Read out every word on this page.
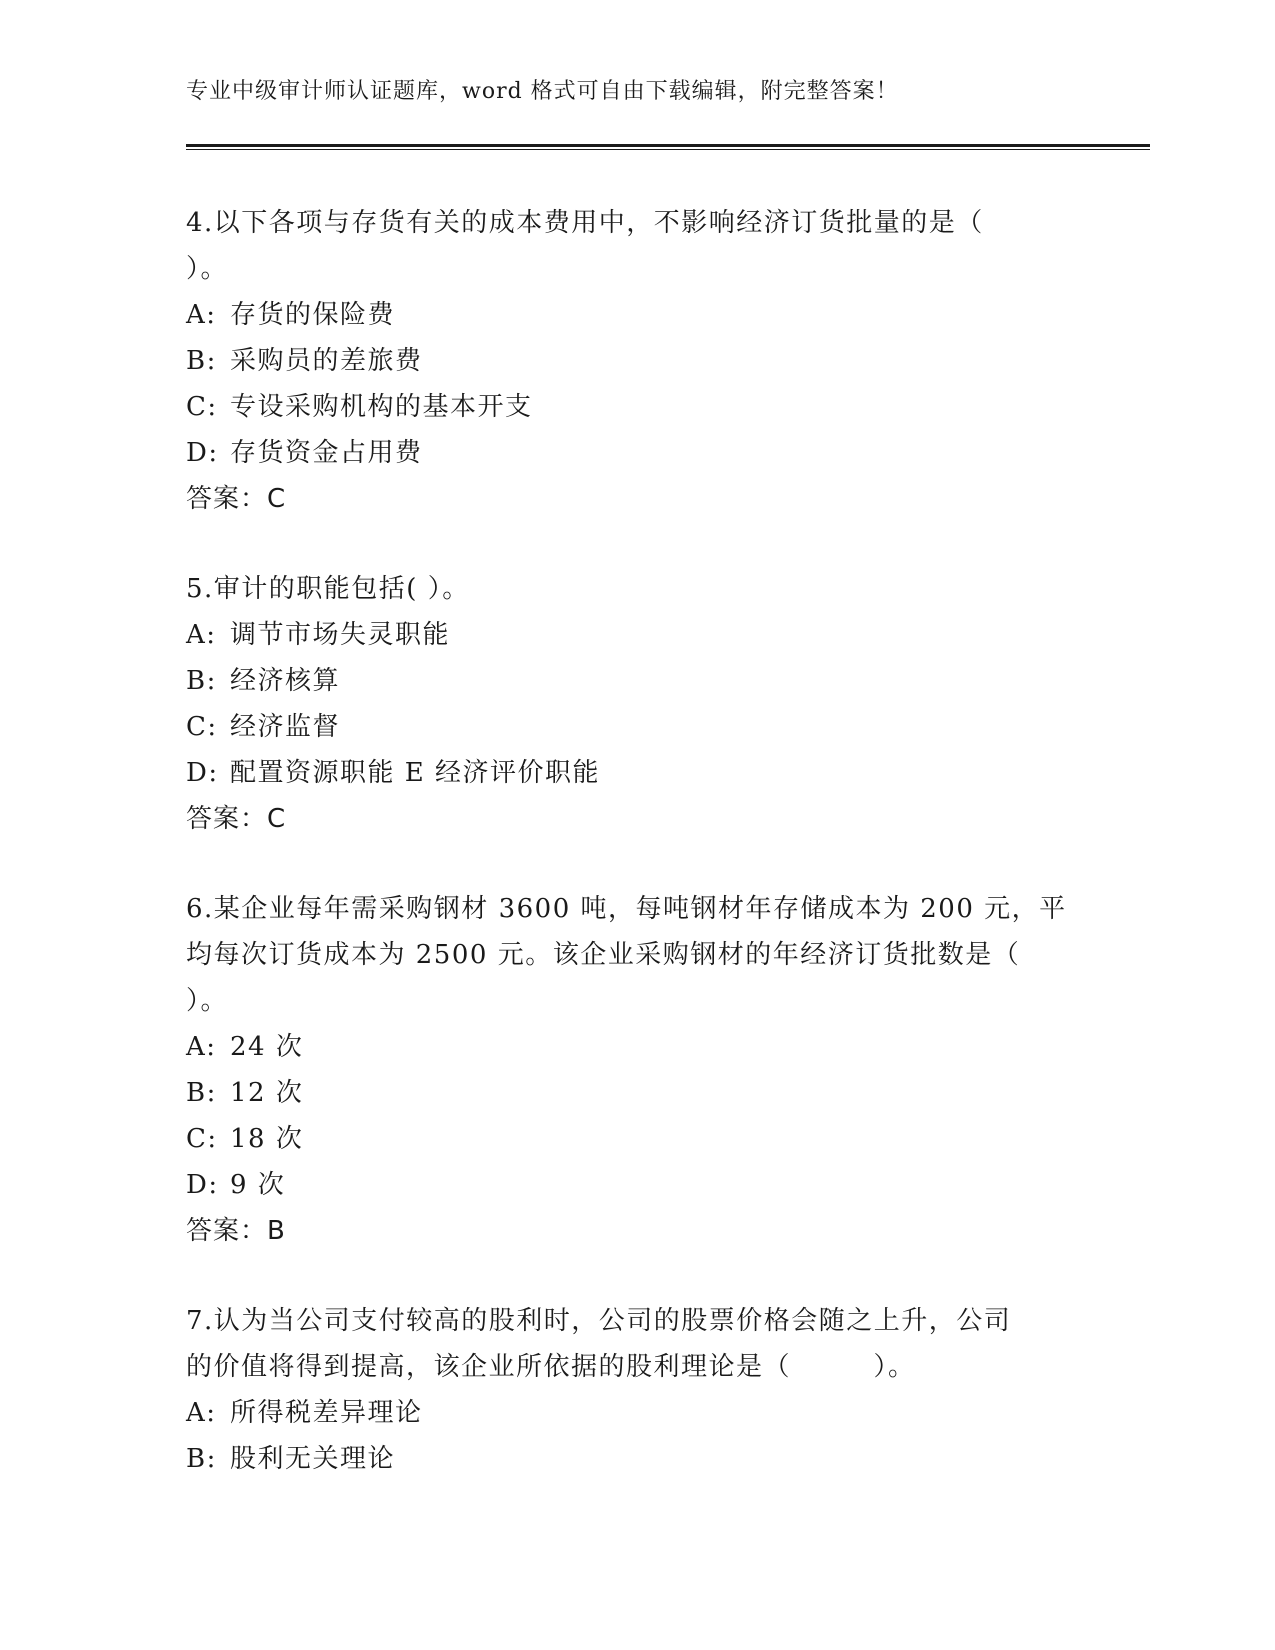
专业中级审计师认证题库，word 格式可自由下载编辑，附完整答案！
4.以下各项与存货有关的成本费用中，不影响经济订货批量的是（
）。
A: 存货的保险费
B: 采购员的差旅费
C: 专设采购机构的基本开支
D: 存货资金占用费
答案：C
5.审计的职能包括( ）。
A: 调节市场失灵职能
B: 经济核算
C: 经济监督
D: 配置资源职能 E 经济评价职能
答案：C
6.某企业每年需采购钢材 3600 吨，每吨钢材年存储成本为 200 元，平
均每次订货成本为 2500 元。该企业采购钢材的年经济订货批数是（
）。
A: 24 次
B: 12 次
C: 18 次
D: 9 次
答案：B
7.认为当公司支付较高的股利时，公司的股票价格会随之上升，公司
的价值将得到提高，该企业所依据的股利理论是（　　　）。
A: 所得税差异理论
B: 股利无关理论
